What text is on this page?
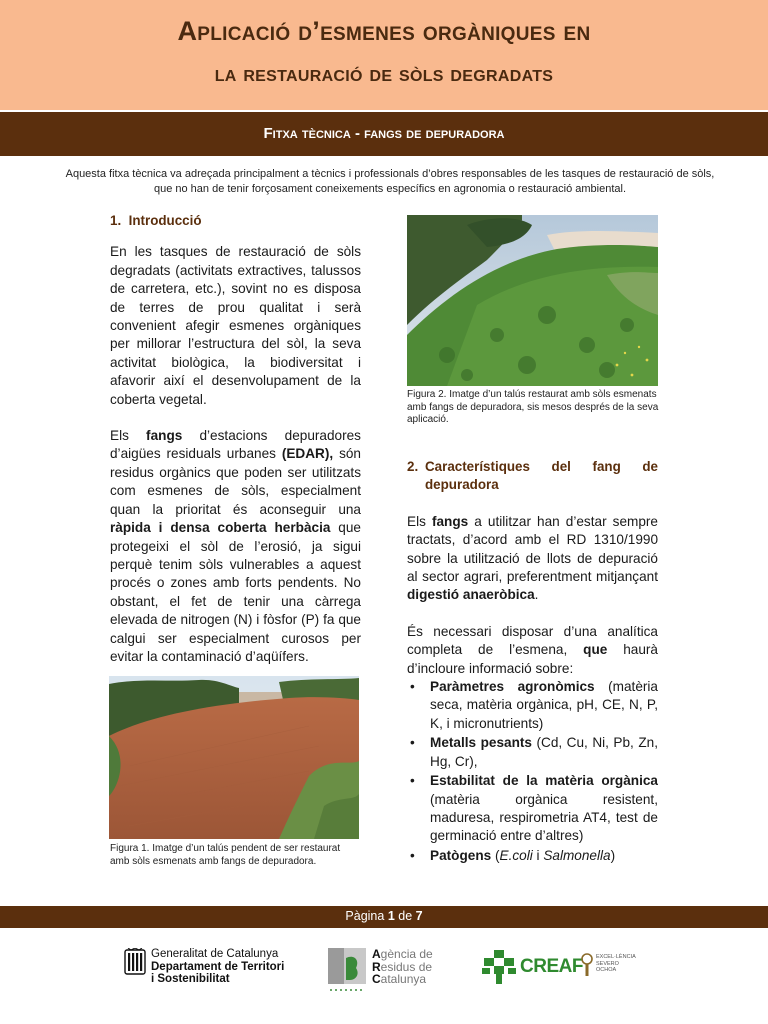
Aplicació d’esmenes orgàniques en
la restauració de sòls degradats
Fitxa tècnica - fangs de depuradora
Aquesta fitxa tècnica va adreçada principalment a tècnics i professionals d’obres responsables de les tasques de restauració de sòls, que no han de tenir forçosament coneixements específics en agronomia o restauració ambiental.
1. Introducció
En les tasques de restauració de sòls degradats (activitats extractives, talussos de carretera, etc.), sovint no es disposa de terres de prou qualitat i serà convenient afegir esmenes orgàniques per millorar l’estructura del sòl, la seva activitat biològica, la biodiversitat i afavorir així el desenvolupament de la coberta vegetal.
Els fangs d’estacions depuradores d’aigües residuals urbanes (EDAR), són residus orgànics que poden ser utilitzats com esmenes de sòls, especialment quan la prioritat és aconseguir una ràpida i densa coberta herbàcia que protegeixi el sòl de l’erosió, ja sigui perquè tenim sòls vulnerables a aquest procés o zones amb forts pendents. No obstant, el fet de tenir una càrrega elevada de nitrogen (N) i fòsfor (P) fa que calgui ser especialment curosos per evitar la contaminació d’aqüífers.
Figura 1. Imatge d’un talús pendent de ser restaurat amb sòls esmenats amb fangs de depuradora.
Figura 2. Imatge d’un talús restaurat amb sòls esmenats amb fangs de depuradora, sis mesos després de la seva aplicació.
2. Característiques del fang de depuradora
Els fangs a utilitzar han d’estar sempre tractats, d’acord amb el RD 1310/1990 sobre la utilització de llots de depuració al sector agrari, preferentment mitjançant digestió anaeròbica.
És necessari disposar d’una analítica completa de l’esmena, que haurà d’incloure informació sobre:
• Paràmetres agronòmics (matèria seca, matèria orgànica, pH, CE, N, P, K, i micronutrients)
• Metalls pesants (Cd, Cu, Ni, Pb, Zn, Hg, Cr),
• Estabilitat de la matèria orgànica (matèria orgànica resistent, maduresa, respirometria AT4, test de germinació entre d’altres)
• Patògens (E.coli i Salmonella)
Pàgina 1 de 7
Generalitat de Catalunya
Departament de Territori
i Sostenibilitat
Agència de
Residus de
Catalunya
CREAF EXCEL·LÈNCIA
SEVERO
OCHOA
